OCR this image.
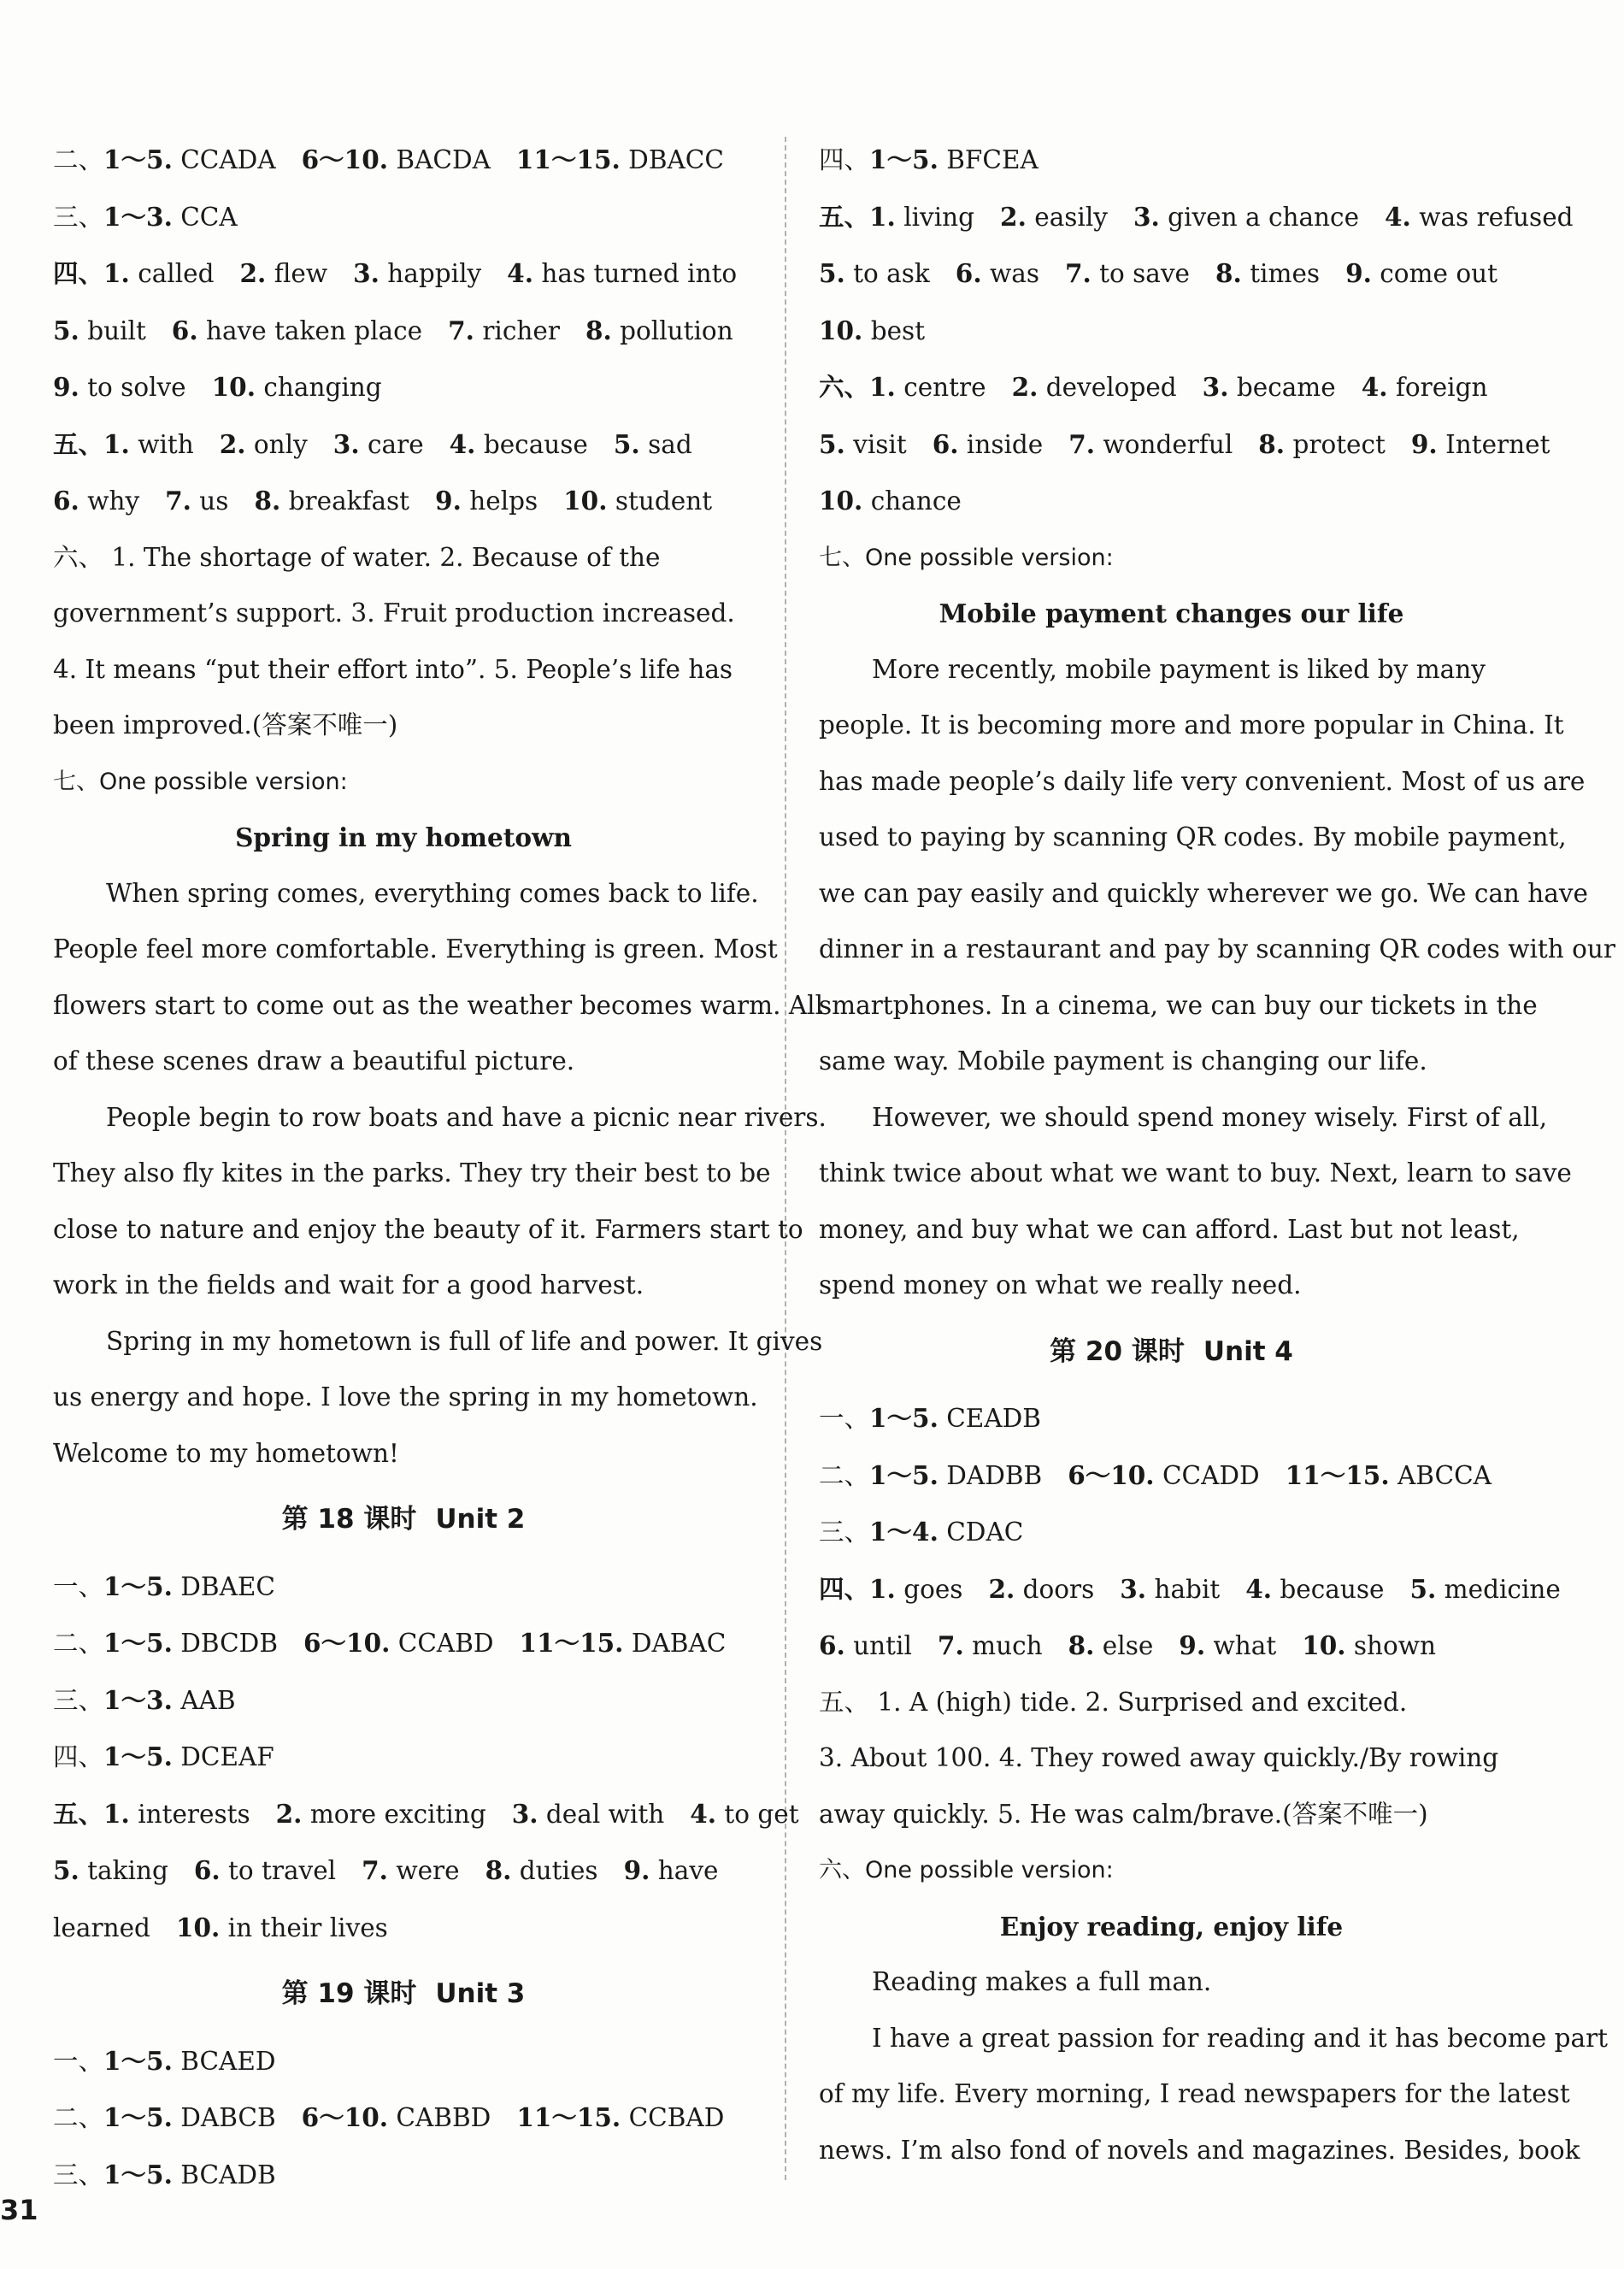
二、1～5. CCADA 6～10. BACDA 11～15. DBACC
三、1～3. CCA
四、1. called 2. flew 3. happily 4. has turned into
5. built 6. have taken place 7. richer 8. pollution
9. to solve 10. changing
五、1. with 2. only 3. care 4. because 5. sad
6. why 7. us 8. breakfast 9. helps 10. student
六、 1. The shortage of water. 2. Because of the
government’s support. 3. Fruit production increased.
4. It means “put their effort into”. 5. People’s life has
been improved.(答案不唯一)
七、One possible version:
Spring in my hometown
When spring comes, everything comes back to life.
People feel more comfortable. Everything is green. Most
flowers start to come out as the weather becomes warm. All
of these scenes draw a beautiful picture.
People begin to row boats and have a picnic near rivers.
They also fly kites in the parks. They try their best to be
close to nature and enjoy the beauty of it. Farmers start to
work in the fields and wait for a good harvest.
Spring in my hometown is full of life and power. It gives
us energy and hope. I love the spring in my hometown.
Welcome to my hometown!
第 18 课时 Unit 2
一、1～5. DBAEC
二、1～5. DBCDB 6～10. CCABD 11～15. DABAC
三、1～3. AAB
四、1～5. DCEAF
五、1. interests 2. more exciting 3. deal with 4. to get
5. taking 6. to travel 7. were 8. duties 9. have
learned 10. in their lives
第 19 课时 Unit 3
一、1～5. BCAED
二、1～5. DABCB 6～10. CABBD 11～15. CCBAD
三、1～5. BCADB
四、1～5. BFCEA
五、1. living 2. easily 3. given a chance 4. was refused
5. to ask 6. was 7. to save 8. times 9. come out
10. best
六、1. centre 2. developed 3. became 4. foreign
5. visit 6. inside 7. wonderful 8. protect 9. Internet
10. chance
七、One possible version:
Mobile payment changes our life
More recently, mobile payment is liked by many
people. It is becoming more and more popular in China. It
has made people’s daily life very convenient. Most of us are
used to paying by scanning QR codes. By mobile payment,
we can pay easily and quickly wherever we go. We can have
dinner in a restaurant and pay by scanning QR codes with our
smartphones. In a cinema, we can buy our tickets in the
same way. Mobile payment is changing our life.
However, we should spend money wisely. First of all,
think twice about what we want to buy. Next, learn to save
money, and buy what we can afford. Last but not least,
spend money on what we really need.
第 20 课时 Unit 4
一、1～5. CEADB
二、1～5. DADBB 6～10. CCADD 11～15. ABCCA
三、1～4. CDAC
四、1. goes 2. doors 3. habit 4. because 5. medicine
6. until 7. much 8. else 9. what 10. shown
五、 1. A (high) tide. 2. Surprised and excited.
3. About 100. 4. They rowed away quickly./By rowing
away quickly. 5. He was calm/brave.(答案不唯一)
六、One possible version:
Enjoy reading, enjoy life
Reading makes a full man.
I have a great passion for reading and it has become part
of my life. Every morning, I read newspapers for the latest
news. I’m also fond of novels and magazines. Besides, book
31
